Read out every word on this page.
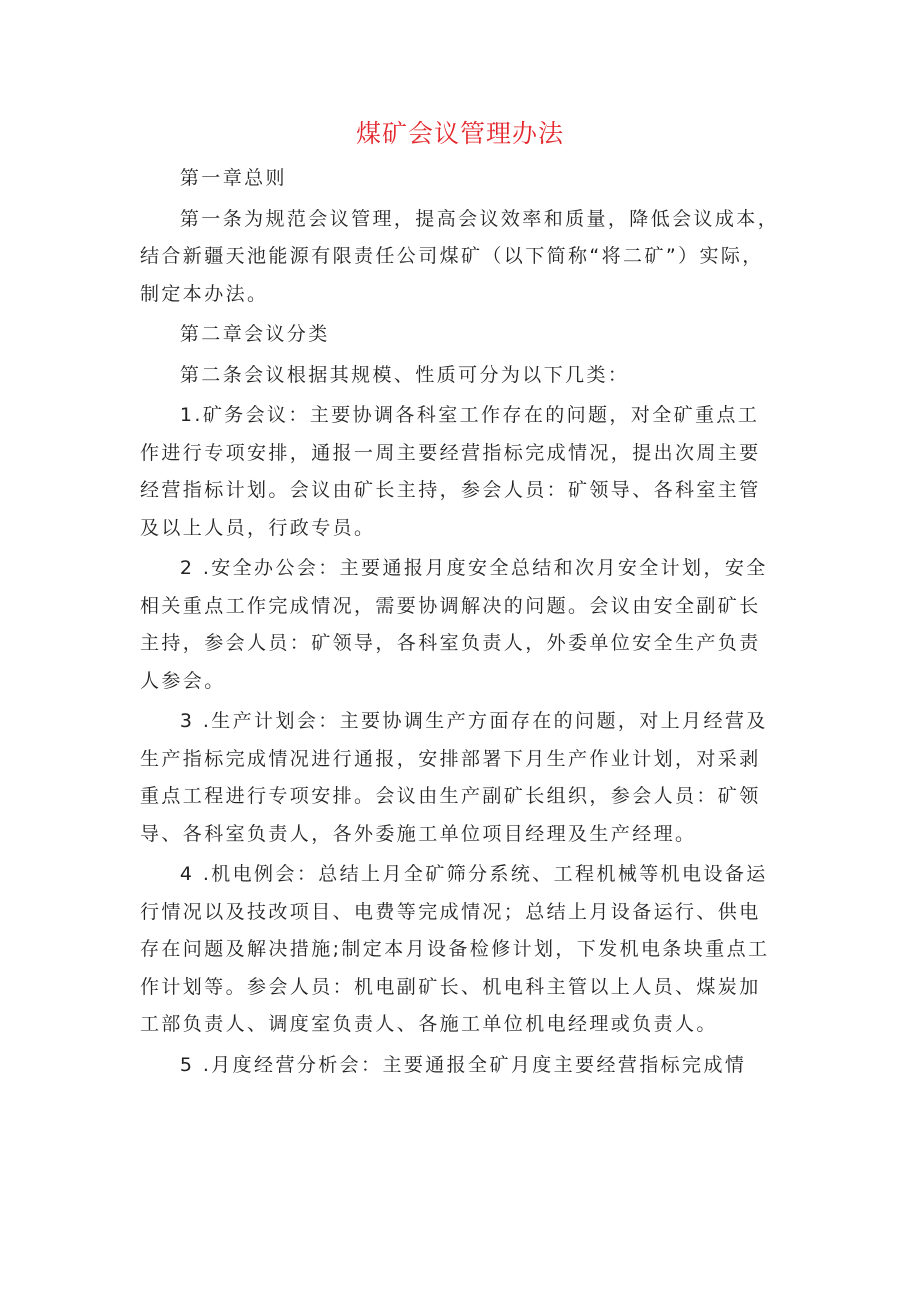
煤矿会议管理办法

第一章总则

第一条为规范会议管理，提高会议效率和质量，降低会议成本，结合新疆天池能源有限责任公司煤矿（以下简称“将二矿”）实际，制定本办法。

第二章会议分类

第二条会议根据其规模、性质可分为以下几类：

1.矿务会议：主要协调各科室工作存在的问题，对全矿重点工作进行专项安排，通报一周主要经营指标完成情况，提出次周主要经营指标计划。会议由矿长主持，参会人员：矿领导、各科室主管及以上人员，行政专员。

2 .安全办公会：主要通报月度安全总结和次月安全计划，安全相关重点工作完成情况，需要协调解决的问题。会议由安全副矿长主持，参会人员：矿领导，各科室负责人，外委单位安全生产负责人参会。

3 .生产计划会：主要协调生产方面存在的问题，对上月经营及生产指标完成情况进行通报，安排部署下月生产作业计划，对采剥重点工程进行专项安排。会议由生产副矿长组织，参会人员：矿领导、各科室负责人，各外委施工单位项目经理及生产经理。

4 .机电例会：总结上月全矿筛分系统、工程机械等机电设备运行情况以及技改项目、电费等完成情况；总结上月设备运行、供电存在问题及解决措施;制定本月设备检修计划，下发机电条块重点工作计划等。参会人员：机电副矿长、机电科主管以上人员、煤炭加工部负责人、调度室负责人、各施工单位机电经理或负责人。

5 .月度经营分析会：主要通报全矿月度主要经营指标完成情
